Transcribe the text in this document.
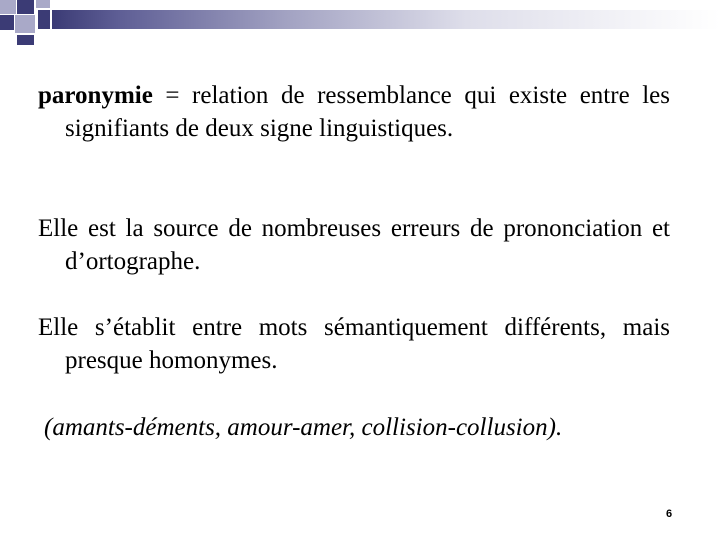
paronymie = relation de ressemblance qui existe entre les signifiants de deux signe linguistiques.

Elle est la source de nombreuses erreurs de prononciation et d’ortographe.

Elle s’établit entre mots sémantiquement différents, mais presque homonymes.

(amants-déments, amour-amer, collision-collusion).

6
